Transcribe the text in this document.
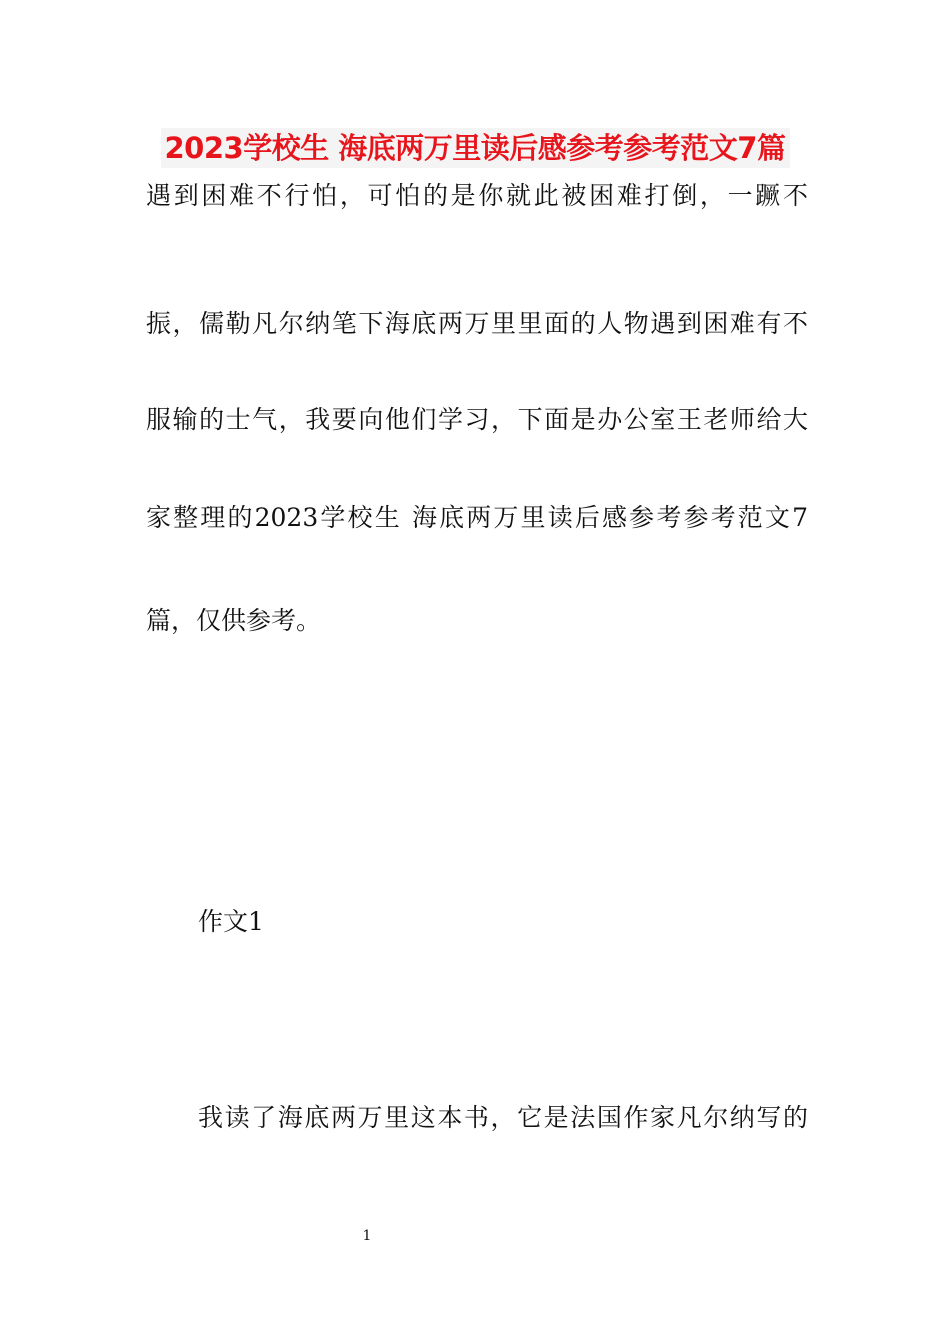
2023学校生 海底两万里读后感参考参考范文7篇
遇到困难不行怕，可怕的是你就此被困难打倒，一蹶不
振，儒勒凡尔纳笔下海底两万里里面的人物遇到困难有不
服输的士气，我要向他们学习，下面是办公室王老师给大
家整理的2023学校生 海底两万里读后感参考参考范文7
篇，仅供参考。
作文1
我读了海底两万里这本书，它是法国作家凡尔纳写的
1
